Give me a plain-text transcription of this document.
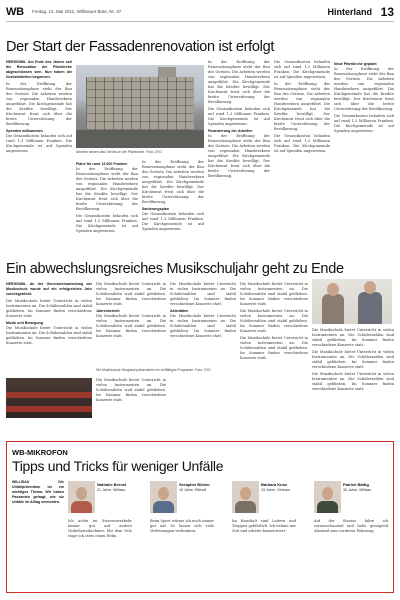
WB Freitag, 13. Mai 2011, Willisauer Bote, Nr. 37	Hinterland 13
Der Start der Fassadenrenovation ist erfolgt

HERGISWIL Am Ende des Jahres soll die Renovation der Pfarrkirche abgeschlossen sein. Nun haben die Gerüstarbeiten begonnen.

In der Eröffnung der Renovationsphase steht der Bau des Gerüsts. Die Arbeiten werden von regionalen Handwerkern ausgeführt. Die Kirchgemeinde hat die Kredite bewilligt. Der Kirchenrat freut sich über die breite Unterstützung der Bevölkerung.

Spenden willkommen

Die Gesamtkosten belaufen sich auf rund 1,3 Millionen Franken. Die Kirchgemeinde ist auf Spenden angewiesen.	Arbeiter setzen das Gerüst an der Pfarrkirche. Foto: ZVG
Pläne für rund 13 600 Franken

In der Eröffnung der Renovationsphase steht der Bau des Gerüsts. Die Arbeiten werden von regionalen Handwerkern ausgeführt. Die Kirchgemeinde hat die Kredite bewilligt. Der Kirchenrat freut sich über die breite Unterstützung der Bevölkerung.

Die Gesamtkosten belaufen sich auf rund 1,3 Millionen Franken. Die Kirchgemeinde ist auf Spenden angewiesen.

In der Eröffnung der Renovationsphase steht der Bau des Gerüsts. Die Arbeiten werden von regionalen Handwerkern ausgeführt. Die Kirchgemeinde hat die Kredite bewilligt. Der Kirchenrat freut sich über die breite Unterstützung der Bevölkerung.

Sanierungsplan

Die Gesamtkosten belaufen sich auf rund 1,3 Millionen Franken. Die Kirchgemeinde ist auf Spenden angewiesen.

In der Eröffnung der Renovationsphase steht der Bau des Gerüsts. Die Arbeiten werden von regionalen Handwerkern ausgeführt. Die Kirchgemeinde hat die Kredite bewilligt. Der Kirchenrat freut sich über die breite Unterstützung der Bevölkerung.

Die Gesamtkosten belaufen sich auf rund 1,3 Millionen Franken. Die Kirchgemeinde ist auf Spenden angewiesen.

Finanzierung der Arbeiten

In der Eröffnung der Renovationsphase steht der Bau des Gerüsts. Die Arbeiten werden von regionalen Handwerkern ausgeführt. Die Kirchgemeinde hat die Kredite bewilligt. Der Kirchenrat freut sich über die breite Unterstützung der Bevölkerung.

Die Gesamtkosten belaufen sich auf rund 1,3 Millionen Franken. Die Kirchgemeinde ist auf Spenden angewiesen.

In der Eröffnung der Renovationsphase steht der Bau des Gerüsts. Die Arbeiten werden von regionalen Handwerkern ausgeführt. Die Kirchgemeinde hat die Kredite bewilligt. Der Kirchenrat freut sich über die breite Unterstützung der Bevölkerung.

Die Gesamtkosten belaufen sich auf rund 1,3 Millionen Franken. Die Kirchgemeinde ist auf Spenden angewiesen.

Neue Pfarrkirche geplant

In der Eröffnung der Renovationsphase steht der Bau des Gerüsts. Die Arbeiten werden von regionalen Handwerkern ausgeführt. Die Kirchgemeinde hat die Kredite bewilligt. Der Kirchenrat freut sich über die breite Unterstützung der Bevölkerung.

Die Gesamtkosten belaufen sich auf rund 1,3 Millionen Franken. Die Kirchgemeinde ist auf Spenden angewiesen.

Ein abwechslungsreiches Musikschuljahr geht zu Ende

HERGISWIL An der Generalversammlung der Musikschule wurde auf ein erfolgreiches Jahr zurückgeblickt.

Die Musikschule bietet Unterricht in vielen Instrumenten an. Die Schülerzahlen sind stabil geblieben. Im Sommer finden verschiedene Konzerte statt.

Musik und Bewegung

Die Musikschule bietet Unterricht in vielen Instrumenten an. Die Schülerzahlen sind stabil geblieben. Im Sommer finden verschiedene Konzerte statt.

Die Musikschule bietet Unterricht in vielen Instrumenten an. Die Schülerzahlen sind stabil geblieben. Im Sommer finden verschiedene Konzerte statt.

Jahresbericht

Die Musikschule bietet Unterricht in vielen Instrumenten an. Die Schülerzahlen sind stabil geblieben. Im Sommer finden verschiedene Konzerte statt.

Die Musikschule Hergiswil präsentierte ein vielfältiges Programm. Foto: ZVG

Die Musikschule bietet Unterricht in vielen Instrumenten an. Die Schülerzahlen sind stabil geblieben. Im Sommer finden verschiedene Konzerte statt.

Die Musikschule bietet Unterricht in vielen Instrumenten an. Die Schülerzahlen sind stabil geblieben. Im Sommer finden verschiedene Konzerte statt.

Aktivitäten

Die Musikschule bietet Unterricht in vielen Instrumenten an. Die Schülerzahlen sind stabil geblieben. Im Sommer finden verschiedene Konzerte statt.

Die Musikschule bietet Unterricht in vielen Instrumenten an. Die Schülerzahlen sind stabil geblieben. Im Sommer finden verschiedene Konzerte statt.

Die Musikschule bietet Unterricht in vielen Instrumenten an. Die Schülerzahlen sind stabil geblieben. Im Sommer finden verschiedene Konzerte statt.

Die Musikschule bietet Unterricht in vielen Instrumenten an. Die Schülerzahlen sind stabil geblieben. Im Sommer finden verschiedene Konzerte statt.

Die Musikschule bietet Unterricht in vielen Instrumenten an. Die Schülerzahlen sind stabil geblieben. Im Sommer finden verschiedene Konzerte statt.

Die Musikschule bietet Unterricht in vielen Instrumenten an. Die Schülerzahlen sind stabil geblieben. Im Sommer finden verschiedene Konzerte statt.

Die Musikschule bietet Unterricht in vielen Instrumenten an. Die Schülerzahlen sind stabil geblieben. Im Sommer finden verschiedene Konzerte statt.

WB-MIKROFON
Tipps und Tricks für weniger Unfälle

WILLISAU	Die Unfallprävention ist ein wichtiges Thema. Wir haben Passanten gefragt, wie sie Unfälle im Alltag vermeiden.

Nathalie Bernet
21 Jahre, Willisau
Ich achte im Strassenverkehr immer gut auf andere Verkehrsteilnehmer. Mit dem Velo trage ich stets einen Helm.
Seraphin Bühler
16 Jahre, Ettiswil
Beim Sport wärme ich mich immer gut auf. So lassen sich viele Verletzungen verhindern.
Barbara Kunz
43 Jahre, Gettnau
Im Haushalt sind Leitern und Treppen gefährlich. Ich nehme mir Zeit und arbeite konzentriert.
Patrick Bättig
38 Jahre, Willisau
Auf der Strasse fahre ich vorausschauend und halte genügend Abstand zum vorderen Fahrzeug.
